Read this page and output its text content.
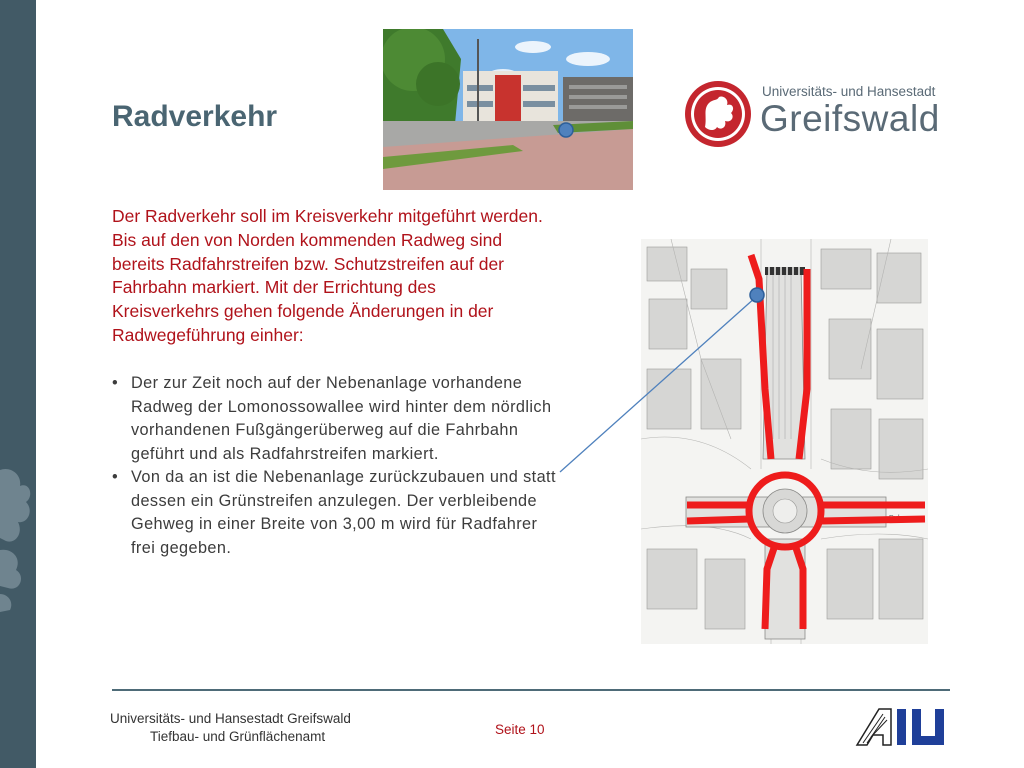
Radverkehr
Universitäts- und Hansestadt
Greifswald

Der Radverkehr soll im Kreisverkehr mitgeführt werden.

Bis auf den von Norden kommenden Radweg sind

bereits Radfahrstreifen bzw. Schutzstreifen auf der

Fahrbahn markiert. Mit der Errichtung des

Kreisverkehrs gehen folgende Änderungen in der

Radwegeführung einher:

• Der zur Zeit noch auf der Nebenanlage vorhandene
Radweg der Lomonossowallee wird hinter dem nördlich
vorhandenen Fußgängerüberweg auf die Fahrbahn
geführt und als Radfahrstreifen markiert.
• Von da an ist die Nebenanlage zurückzubauen und statt
dessen ein Grünstreifen anzulegen. Der verbleibende
Gehweg in einer Breite von 3,00 m wird für Radfahrer
frei gegeben.
Dubnaer
Universitäts- und Hansestadt Greifswald
Tiefbau- und Grünflächenamt	Seite 10
